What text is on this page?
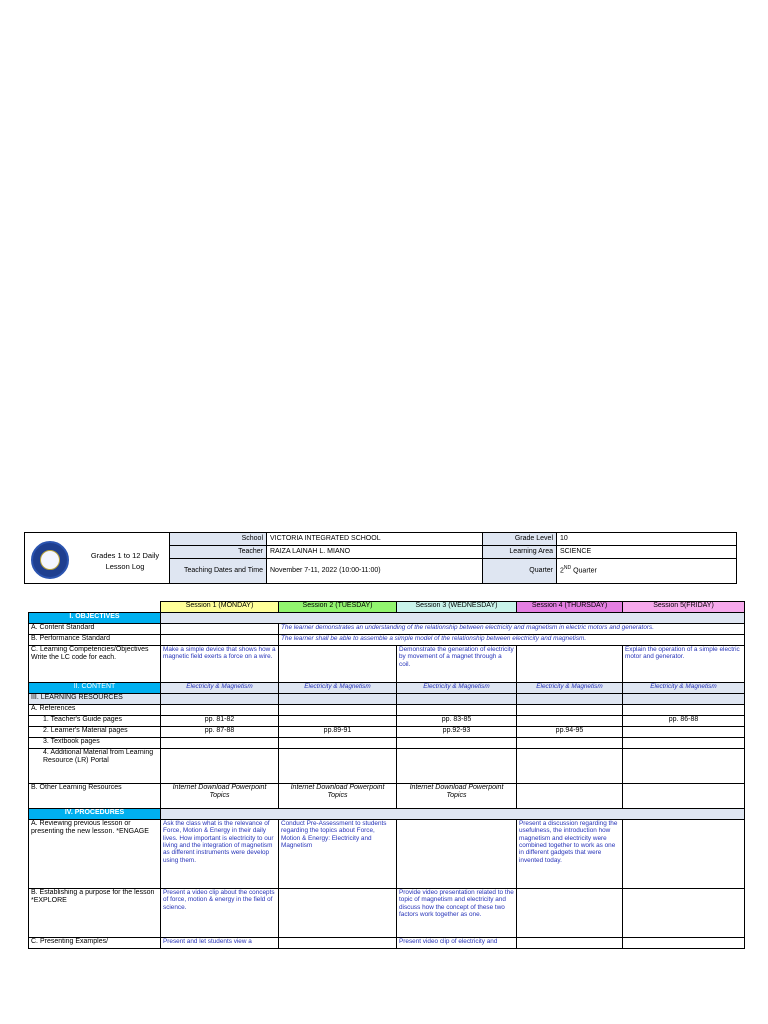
Grades 1 to 12 Daily Lesson Log	School	VICTORIA INTEGRATED SCHOOL	Grade Level	10
	Teacher	RAIZA LAINAH L. MIANO	Learning Area	SCIENCE
	Teaching Dates and Time	November 7-11, 2022 (10:00-11:00)	Quarter	2ND Quarter

	Session 1 (MONDAY)	Session 2 (TUESDAY)	Session 3 (WEDNESDAY)	Session 4 (THURSDAY)	Session 5(FRIDAY)
I. OBJECTIVES					
A. Content Standard		The learner demonstrates an understanding of the relationship between electricity and magnetism in electric motors and generators.			
B. Performance Standard		The learner shall be able to assemble a simple model of the relationship between electricity and magnetism.			
C. Learning Competencies/Objectives Write the LC code for each.	Make a simple device that shows how a magnetic field exerts a force on a wire.		Demonstrate the generation of electricity by movement of a magnet through a coil.		Explain the operation of a simple electric motor and generator.
II. CONTENT	Electricity & Magnetism	Electricity & Magnetism	Electricity & Magnetism	Electricity & Magnetism	Electricity & Magnetism
III. LEARNING RESOURCES					
A. References					
1. Teacher's Guide pages	pp. 81-82		pp. 83-85		pp. 86-88
2. Learner's Material pages	pp. 87-88	pp.89-91	pp.92-93	pp.94-95	
3. Textbook pages					
4. Additional Material from Learning Resource (LR) Portal					
B. Other Learning Resources	Internet Download Powerpoint Topics	Internet Download Powerpoint Topics	Internet Download Powerpoint Topics		
IV. PROCEDURES					
A. Reviewing previous lesson or presenting the new lesson. *ENGAGE	Ask the class what is the relevance of Force, Motion & Energy in their daily lives. How important is electricity to our living and the integration of magnetism as different instruments were develop using them.	Conduct Pre-Assessment to students regarding the topics about Force, Motion & Energy: Electricity and Magnetism		Present a discussion regarding the usefulness, the introduction how magnetism and electricity were combined together to work as one in different gadgets that were invented today.	
B. Establishing a purpose for the lesson *EXPLORE	Present a video clip about the concepts of force, motion & energy in the field of science.		Provide video presentation related to the topic of magnetism and electricity and discuss how the concept of these two factors work together as one.		
C. Presenting Examples/	Present and let students view a		Present video clip of electricity and		
